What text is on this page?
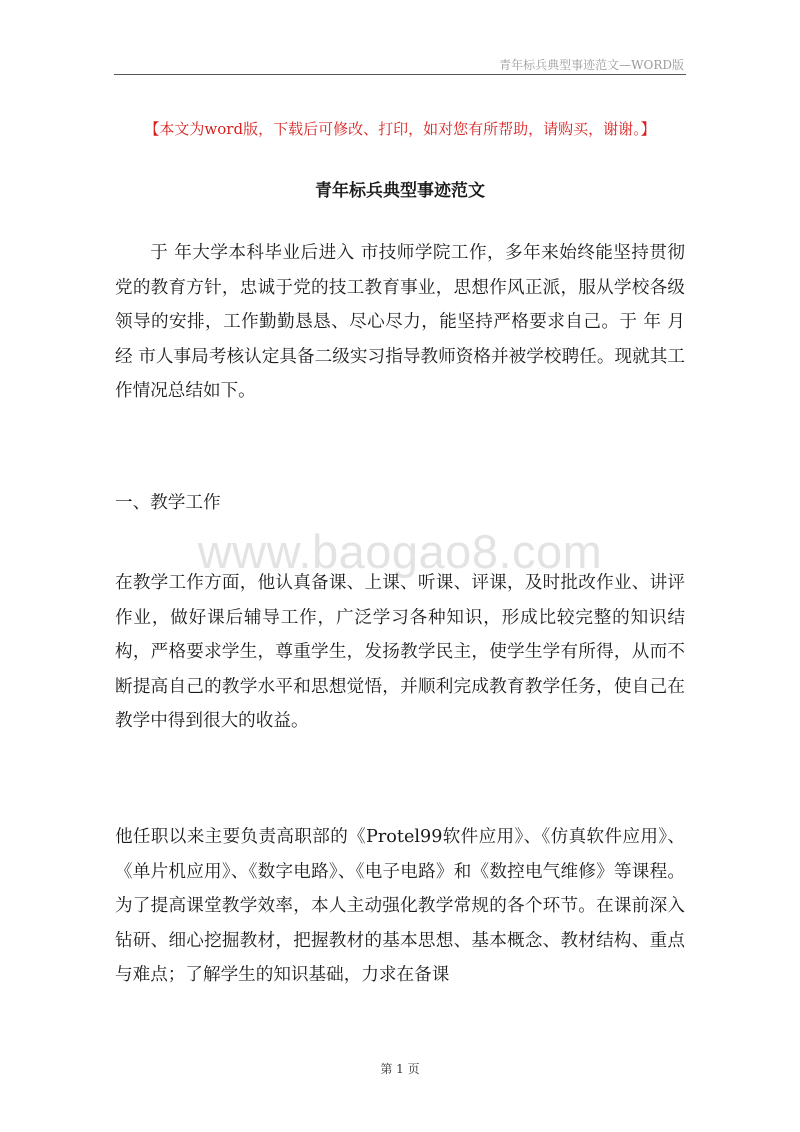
青年标兵典型事迹范文—WORD版
【本文为word版，下载后可修改、打印，如对您有所帮助，请购买，谢谢。】
青年标兵典型事迹范文

于 年大学本科毕业后进入 市技师学院工作，多年来始终能坚持贯彻党的教育方针，忠诚于党的技工教育事业，思想作风正派，服从学校各级领导的安排，工作勤勤恳恳、尽心尽力，能坚持严格要求自己。于 年 月经 市人事局考核认定具备二级实习指导教师资格并被学校聘任。现就其工作情况总结如下。

一、教学工作

www.baogao8.com

在教学工作方面，他认真备课、上课、听课、评课，及时批改作业、讲评作业，做好课后辅导工作，广泛学习各种知识，形成比较完整的知识结构，严格要求学生，尊重学生，发扬教学民主，使学生学有所得，从而不断提高自己的教学水平和思想觉悟，并顺利完成教育教学任务，使自己在教学中得到很大的收益。

他任职以来主要负责高职部的《Protel99软件应用》、《仿真软件应用》、《单片机应用》、《数字电路》、《电子电路》和《数控电气维修》等课程。为了提高课堂教学效率，本人主动强化教学常规的各个环节。在课前深入钻研、细心挖掘教材，把握教材的基本思想、基本概念、教材结构、重点与难点；了解学生的知识基础，力求在备课

第 1 页
